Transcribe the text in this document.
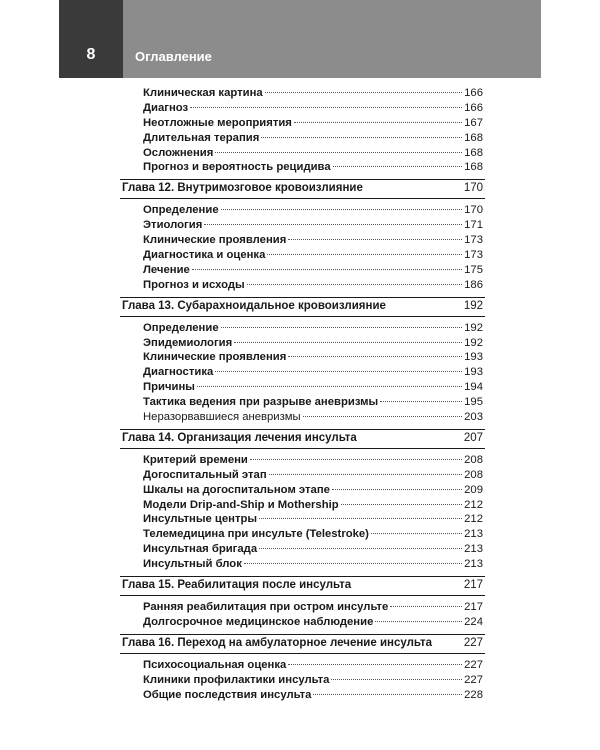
8	Оглавление
Клиническая картина	166
Диагноз	166
Неотложные мероприятия	167
Длительная терапия	168
Осложнения	168
Прогноз и вероятность рецидива	168
Глава 12. Внутримозговое кровоизлияние	170
Определение	170
Этиология	171
Клинические проявления	173
Диагностика и оценка	173
Лечение	175
Прогноз и исходы	186
Глава 13. Субарахноидальное кровоизлияние	192
Определение	192
Эпидемиология	192
Клинические проявления	193
Диагностика	193
Причины	194
Тактика ведения при разрыве аневризмы	195
Неразорвавшиеся аневризмы	203
Глава 14. Организация лечения инсульта	207
Критерий времени	208
Догоспитальный этап	208
Шкалы на догоспитальном этапе	209
Модели Drip-and-Ship и Mothership	212
Инсультные центры	212
Телемедицина при инсульте (Telestroke)	213
Инсультная бригада	213
Инсультный блок	213
Глава 15. Реабилитация после инсульта	217
Ранняя реабилитация при остром инсульте	217
Долгосрочное медицинское наблюдение	224
Глава 16. Переход на амбулаторное лечение инсульта	227
Психосоциальная оценка	227
Клиники профилактики инсульта	227
Общие последствия инсульта	228
